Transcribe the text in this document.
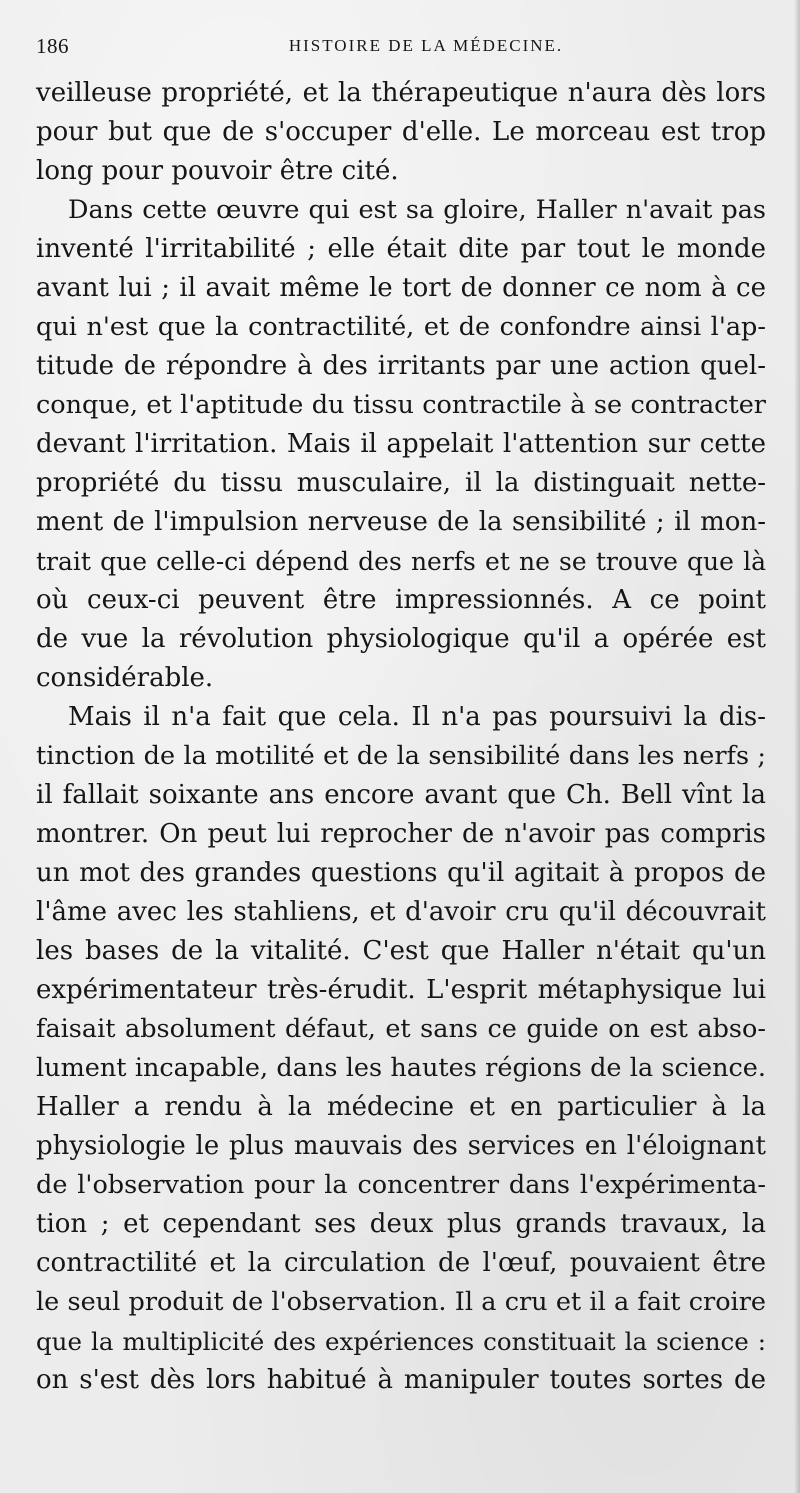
186	HISTOIRE DE LA MÉDECINE.
veilleuse propriété, et la thérapeutique n'aura dès lors
pour but que de s'occuper d'elle. Le morceau est trop
long pour pouvoir être cité.
Dans cette œuvre qui est sa gloire, Haller n'avait pas
inventé l'irritabilité ; elle était dite par tout le monde
avant lui ; il avait même le tort de donner ce nom à ce
qui n'est que la contractilité, et de confondre ainsi l'ap-
titude de répondre à des irritants par une action quel-
conque, et l'aptitude du tissu contractile à se contracter
devant l'irritation. Mais il appelait l'attention sur cette
propriété du tissu musculaire, il la distinguait nette-
ment de l'impulsion nerveuse de la sensibilité ; il mon-
trait que celle-ci dépend des nerfs et ne se trouve que là
où ceux-ci peuvent être impressionnés. A ce point
de vue la révolution physiologique qu'il a opérée est
considérable.
Mais il n'a fait que cela. Il n'a pas poursuivi la dis-
tinction de la motilité et de la sensibilité dans les nerfs ;
il fallait soixante ans encore avant que Ch. Bell vînt la
montrer. On peut lui reprocher de n'avoir pas compris
un mot des grandes questions qu'il agitait à propos de
l'âme avec les stahliens, et d'avoir cru qu'il découvrait
les bases de la vitalité. C'est que Haller n'était qu'un
expérimentateur très-érudit. L'esprit métaphysique lui
faisait absolument défaut, et sans ce guide on est abso-
lument incapable, dans les hautes régions de la science.
Haller a rendu à la médecine et en particulier à la
physiologie le plus mauvais des services en l'éloignant
de l'observation pour la concentrer dans l'expérimenta-
tion ; et cependant ses deux plus grands travaux, la
contractilité et la circulation de l'œuf, pouvaient être
le seul produit de l'observation. Il a cru et il a fait croire
que la multiplicité des expériences constituait la science :
on s'est dès lors habitué à manipuler toutes sortes de
